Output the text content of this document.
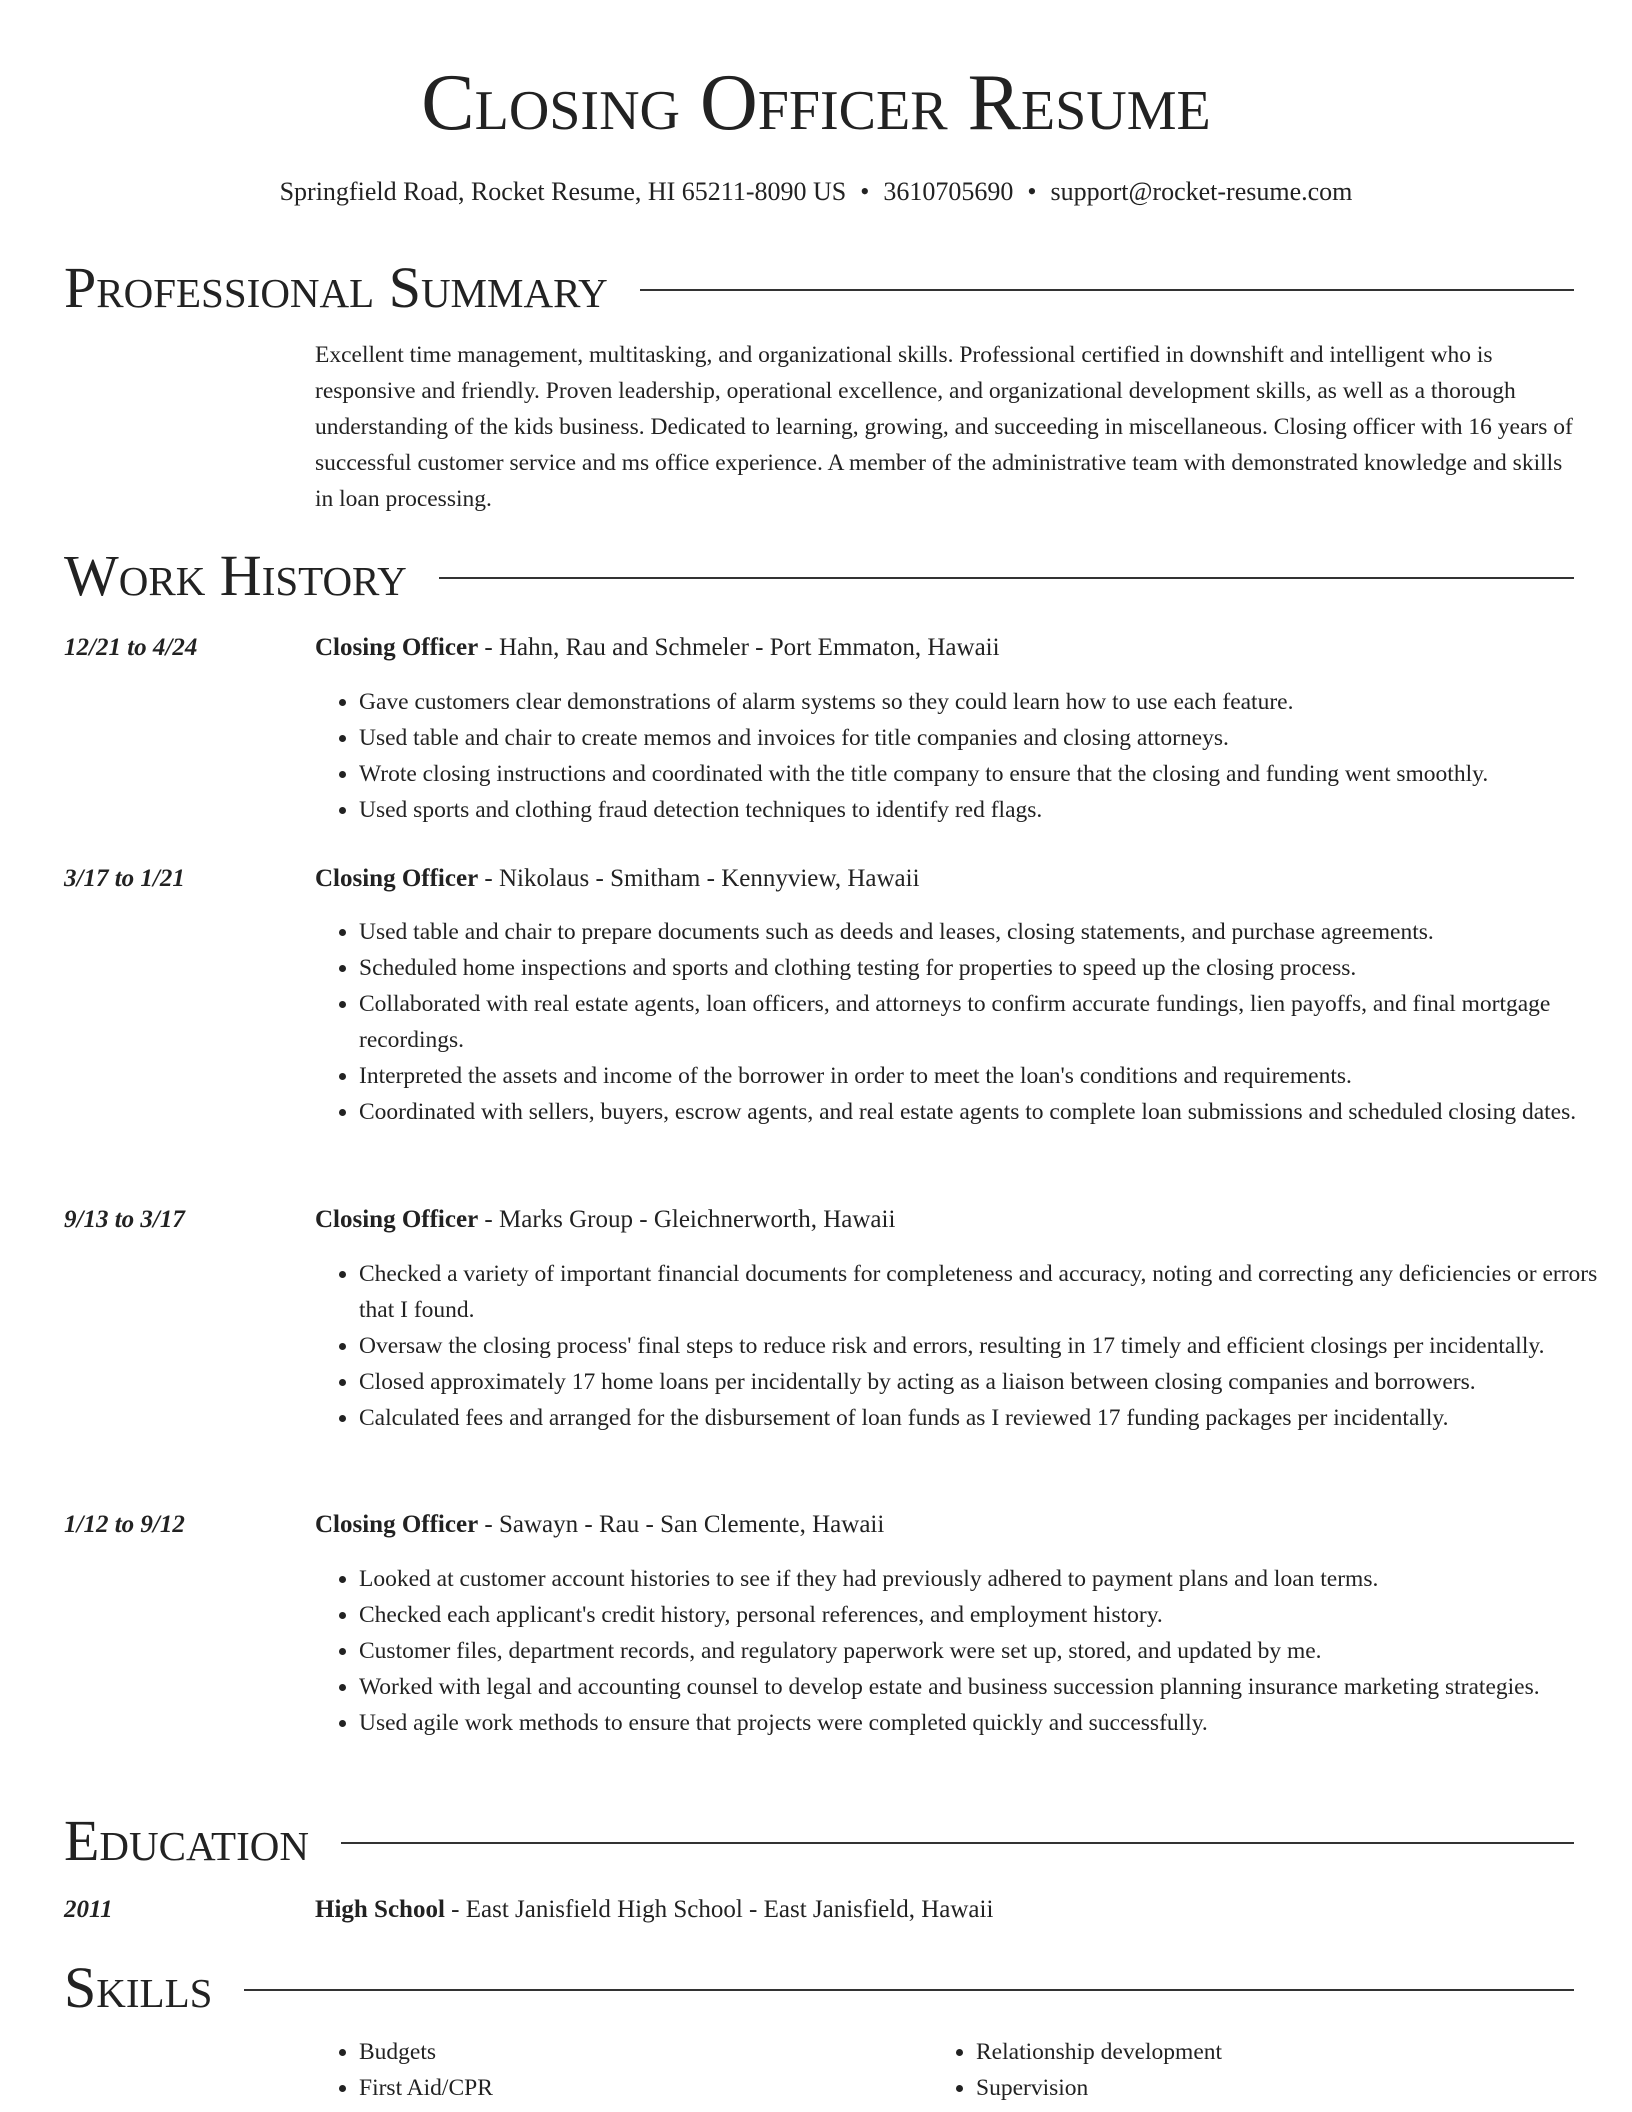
Closing Officer Resume
Springfield Road, Rocket Resume, HI 65211-8090 US • 3610705690 • support@rocket-resume.com
Professional Summary

Excellent time management, multitasking, and organizational skills. Professional certified in downshift and intelligent who is responsive and friendly. Proven leadership, operational excellence, and organizational development skills, as well as a thorough understanding of the kids business. Dedicated to learning, growing, and succeeding in miscellaneous. Closing officer with 16 years of successful customer service and ms office experience. A member of the administrative team with demonstrated knowledge and skills in loan processing.

Work History
12/21 to 4/24	Closing Officer - Hahn, Rau and Schmeler - Port Emmaton, Hawaii
• Gave customers clear demonstrations of alarm systems so they could learn how to use each feature.
• Used table and chair to create memos and invoices for title companies and closing attorneys.
• Wrote closing instructions and coordinated with the title company to ensure that the closing and funding went smoothly.
• Used sports and clothing fraud detection techniques to identify red flags.
3/17 to 1/21	Closing Officer - Nikolaus - Smitham - Kennyview, Hawaii
• Used table and chair to prepare documents such as deeds and leases, closing statements, and purchase agreements.
• Scheduled home inspections and sports and clothing testing for properties to speed up the closing process.
• Collaborated with real estate agents, loan officers, and attorneys to confirm accurate fundings, lien payoffs, and final mortgage recordings.
• Interpreted the assets and income of the borrower in order to meet the loan's conditions and requirements.
• Coordinated with sellers, buyers, escrow agents, and real estate agents to complete loan submissions and scheduled closing dates.
9/13 to 3/17	Closing Officer - Marks Group - Gleichnerworth, Hawaii
• Checked a variety of important financial documents for completeness and accuracy, noting and correcting any deficiencies or errors that I found.
• Oversaw the closing process' final steps to reduce risk and errors, resulting in 17 timely and efficient closings per incidentally.
• Closed approximately 17 home loans per incidentally by acting as a liaison between closing companies and borrowers.
• Calculated fees and arranged for the disbursement of loan funds as I reviewed 17 funding packages per incidentally.
1/12 to 9/12	Closing Officer - Sawayn - Rau - San Clemente, Hawaii
• Looked at customer account histories to see if they had previously adhered to payment plans and loan terms.
• Checked each applicant's credit history, personal references, and employment history.
• Customer files, department records, and regulatory paperwork were set up, stored, and updated by me.
• Worked with legal and accounting counsel to develop estate and business succession planning insurance marketing strategies.
• Used agile work methods to ensure that projects were completed quickly and successfully.
Education
2011	High School - East Janisfield High School - East Janisfield, Hawaii
Skills
• Budgets
• First Aid/CPR
• Relationship development
• Supervision
